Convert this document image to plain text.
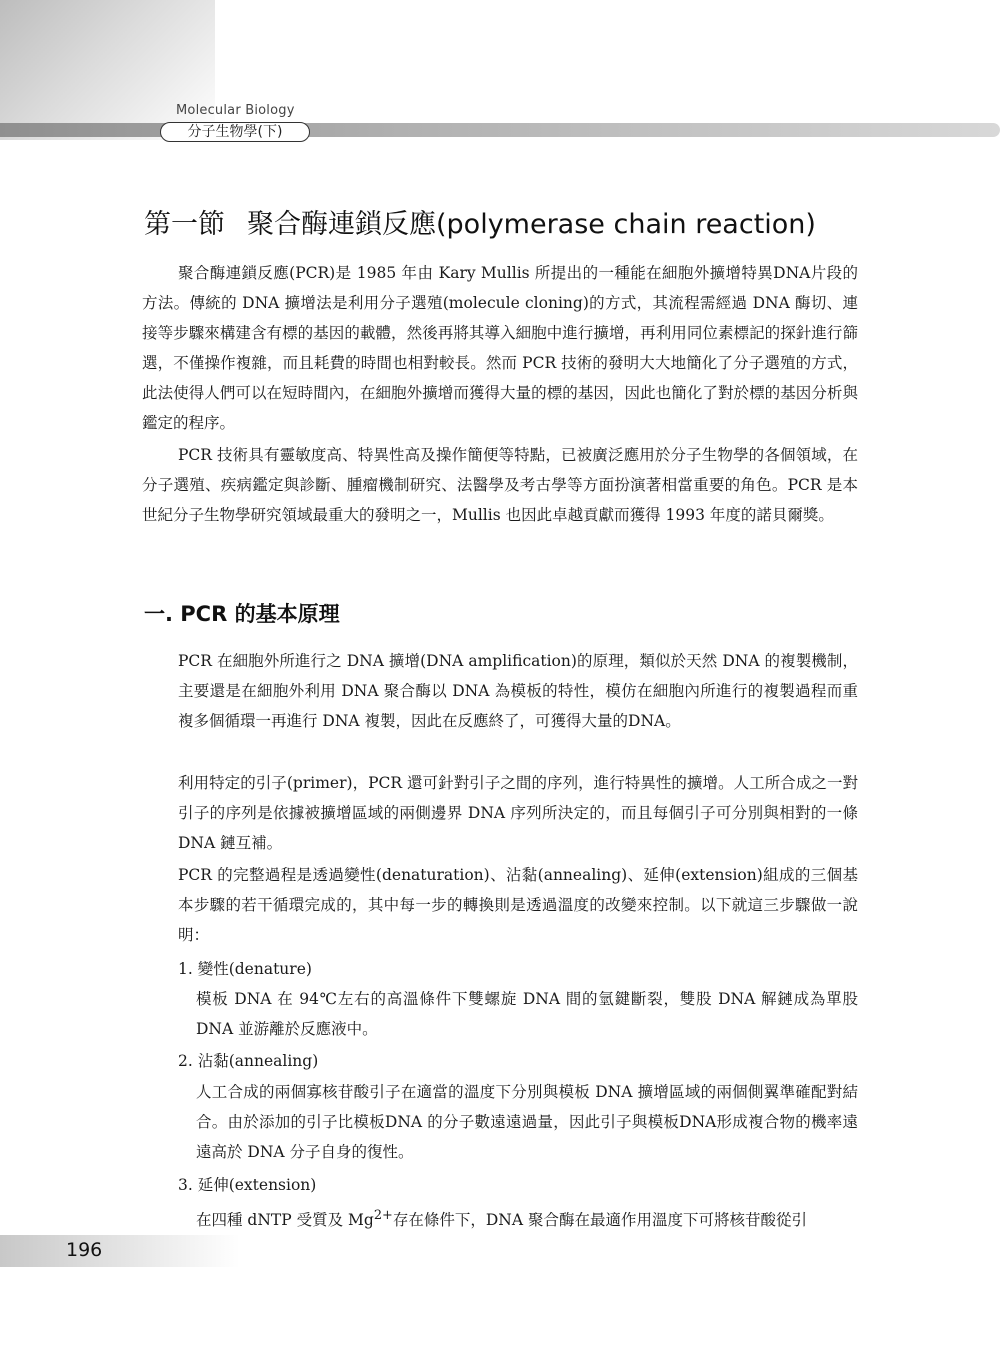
Molecular Biology
分子生物學(下)
第一節 聚合酶連鎖反應(polymerase chain reaction)

聚合酶連鎖反應(PCR)是 1985 年由 Kary Mullis 所提出的一種能在細胞外擴增特異DNA片段的方法。傳統的 DNA 擴增法是利用分子選殖(molecule cloning)的方式，其流程需經過 DNA 酶切、連接等步驟來構建含有標的基因的載體，然後再將其導入細胞中進行擴增，再利用同位素標記的探針進行篩選，不僅操作複雜，而且耗費的時間也相對較長。然而 PCR 技術的發明大大地簡化了分子選殖的方式，此法使得人們可以在短時間內，在細胞外擴增而獲得大量的標的基因，因此也簡化了對於標的基因分析與鑑定的程序。

PCR 技術具有靈敏度高、特異性高及操作簡便等特點，已被廣泛應用於分子生物學的各個領域，在分子選殖、疾病鑑定與診斷、腫瘤機制研究、法醫學及考古學等方面扮演著相當重要的角色。PCR 是本世紀分子生物學研究領域最重大的發明之一，Mullis 也因此卓越貢獻而獲得 1993 年度的諾貝爾獎。

一. PCR 的基本原理

PCR 在細胞外所進行之 DNA 擴增(DNA amplification)的原理，類似於天然 DNA 的複製機制，主要還是在細胞外利用 DNA 聚合酶以 DNA 為模板的特性，模仿在細胞內所進行的複製過程而重複多個循環一再進行 DNA 複製，因此在反應終了，可獲得大量的DNA。

利用特定的引子(primer)，PCR 還可針對引子之間的序列，進行特異性的擴增。人工所合成之一對引子的序列是依據被擴增區域的兩側邊界 DNA 序列所決定的，而且每個引子可分別與相對的一條 DNA 鏈互補。

PCR 的完整過程是透過變性(denaturation)、沾黏(annealing)、延伸(extension)組成的三個基本步驟的若干循環完成的，其中每一步的轉換則是透過溫度的改變來控制。以下就這三步驟做一說明：

1. 變性(denature)

模板 DNA 在 94℃左右的高溫條件下雙螺旋 DNA 間的氫鍵斷裂，雙股 DNA 解鏈成為單股 DNA 並游離於反應液中。

2. 沾黏(annealing)

人工合成的兩個寡核苷酸引子在適當的溫度下分別與模板 DNA 擴增區域的兩個側翼準確配對結合。由於添加的引子比模板DNA 的分子數遠遠過量，因此引子與模板DNA形成複合物的機率遠遠高於 DNA 分子自身的復性。

3. 延伸(extension)

在四種 dNTP 受質及 $Mg^{2+}$存在條件下，DNA 聚合酶在最適作用溫度下可將核苷酸從引

196
